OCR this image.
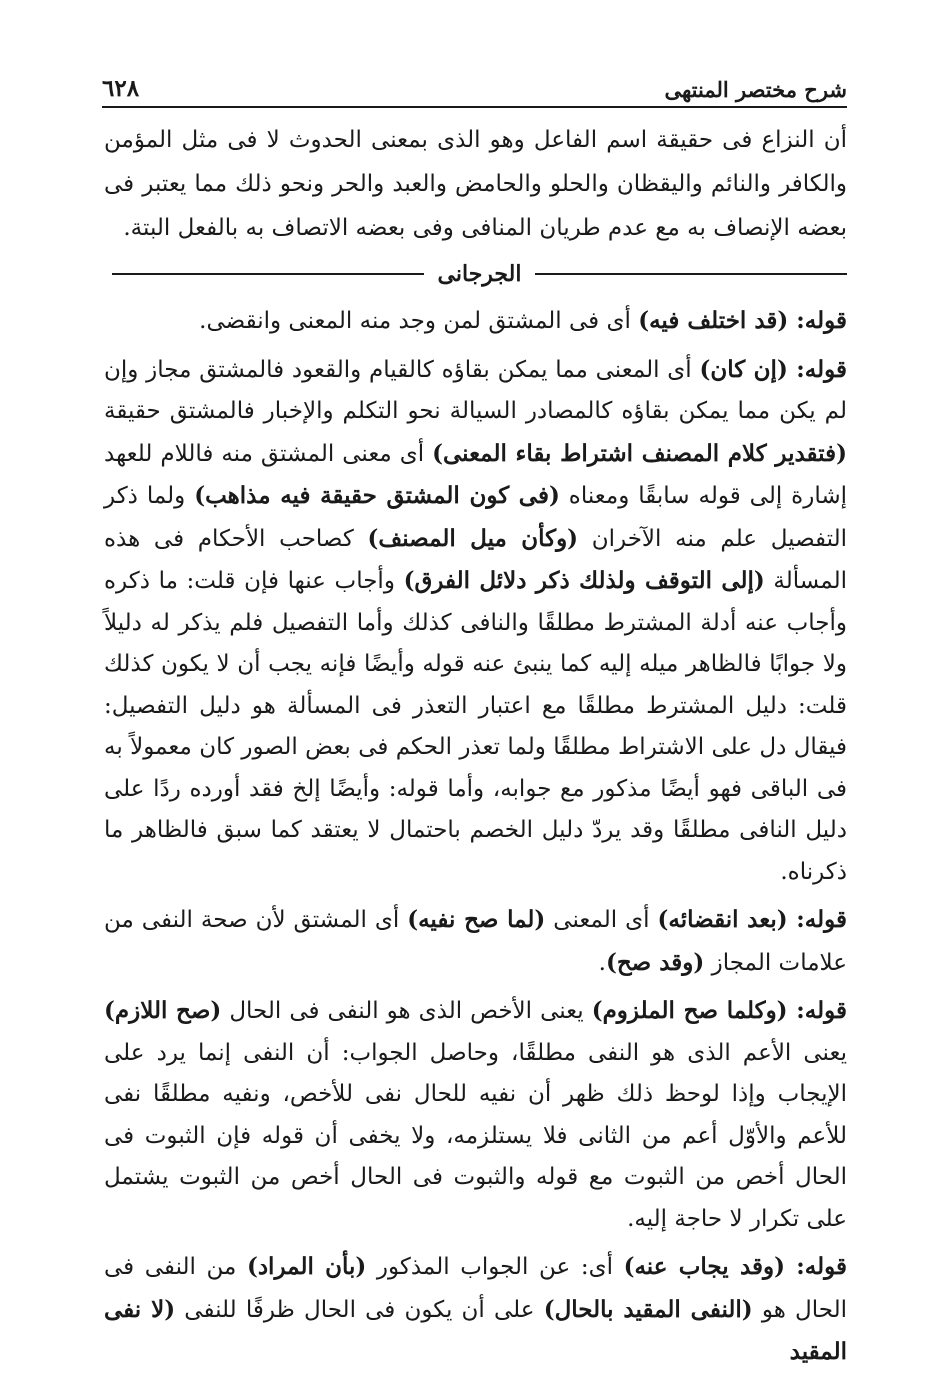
شرح مختصر المنتهى
٦٢٨

أن النزاع فى حقيقة اسم الفاعل وهو الذى بمعنى الحدوث لا فى مثل المؤمن والكافر والنائم واليقظان والحلو والحامض والعبد والحر ونحو ذلك مما يعتبر فى بعضه الإنصاف به مع عدم طريان المنافى وفى بعضه الاتصاف به بالفعل البتة.

الجرجانى

قوله: (قد اختلف فيه) أى فى المشتق لمن وجد منه المعنى وانقضى.

قوله: (إن كان) أى المعنى مما يمكن بقاؤه كالقيام والقعود فالمشتق مجاز وإن لم يكن مما يمكن بقاؤه كالمصادر السيالة نحو التكلم والإخبار فالمشتق حقيقة (فتقدير كلام المصنف اشتراط بقاء المعنى) أى معنى المشتق منه فاللام للعهد إشارة إلى قوله سابقًا ومعناه (فى كون المشتق حقيقة فيه مذاهب) ولما ذكر التفصيل علم منه الآخران (وكأن ميل المصنف) كصاحب الأحكام فى هذه المسألة (إلى التوقف ولذلك ذكر دلائل الفرق) وأجاب عنها فإن قلت: ما ذكره وأجاب عنه أدلة المشترط مطلقًا والنافى كذلك وأما التفصيل فلم يذكر له دليلاً ولا جوابًا فالظاهر ميله إليه كما ينبئ عنه قوله وأيضًا فإنه يجب أن لا يكون كذلك قلت: دليل المشترط مطلقًا مع اعتبار التعذر فى المسألة هو دليل التفصيل: فيقال دل على الاشتراط مطلقًا ولما تعذر الحكم فى بعض الصور كان معمولاً به فى الباقى فهو أيضًا مذكور مع جوابه، وأما قوله: وأيضًا إلخ فقد أورده ردًا على دليل النافى مطلقًا وقد يردّ دليل الخصم باحتمال لا يعتقد كما سبق فالظاهر ما ذكرناه.

قوله: (بعد انقضائه) أى المعنى (لما صح نفيه) أى المشتق لأن صحة النفى من علامات المجاز (وقد صح).

قوله: (وكلما صح الملزوم) يعنى الأخص الذى هو النفى فى الحال (صح اللازم) يعنى الأعم الذى هو النفى مطلقًا، وحاصل الجواب: أن النفى إنما يرد على الإيجاب وإذا لوحظ ذلك ظهر أن نفيه للحال نفى للأخص، ونفيه مطلقًا نفى للأعم والأوّل أعم من الثانى فلا يستلزمه، ولا يخفى أن قوله فإن الثبوت فى الحال أخص من الثبوت مع قوله والثبوت فى الحال أخص من الثبوت يشتمل على تكرار لا حاجة إليه.

قوله: (وقد يجاب عنه) أى: عن الجواب المذكور (بأن المراد) من النفى فى الحال هو (النفى المقيد بالحال) على أن يكون فى الحال ظرفًا للنفى (لا نفى المقيد
